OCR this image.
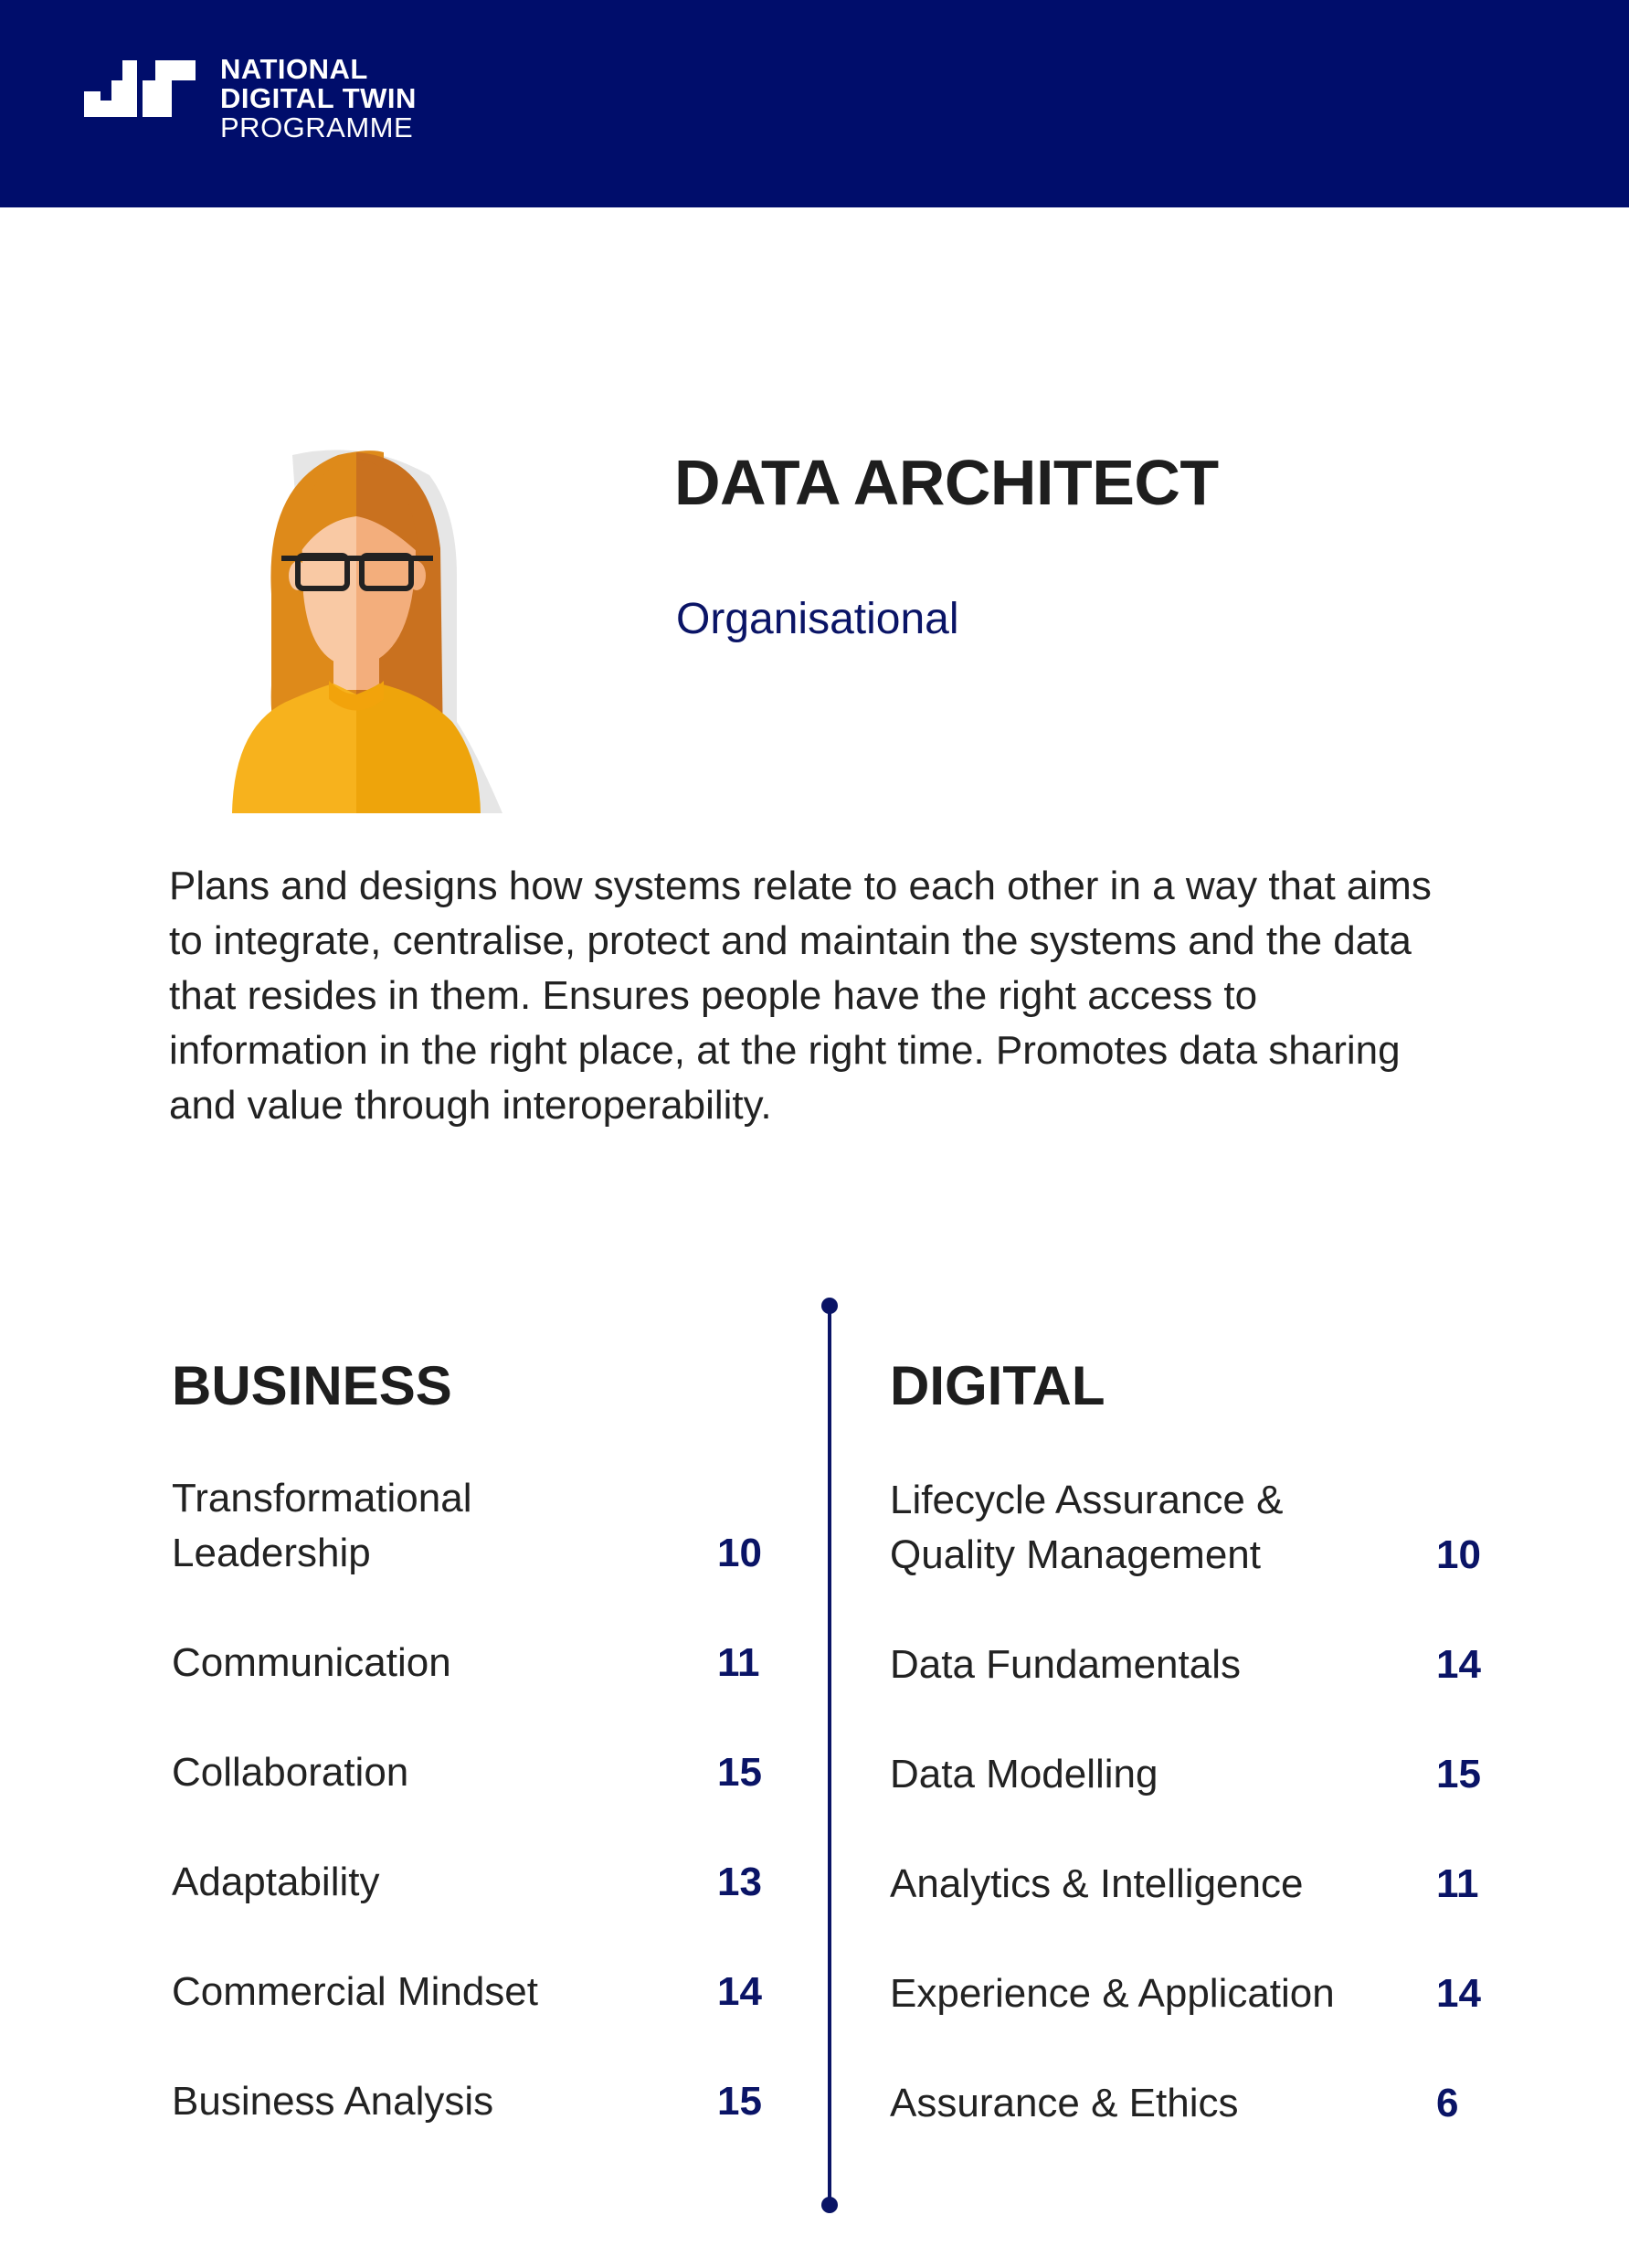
NATIONAL
DIGITAL TWIN
PROGRAMME
DATA ARCHITECT

Organisational

Plans and designs how systems relate to each other in a way that aims to integrate, centralise, protect and maintain the systems and the data that resides in them. Ensures people have the right access to information in the right place, at the right time. Promotes data sharing and value through interoperability.

BUSINESS	DIGITAL
Transformational
Leadership	10
Communication	11
Collaboration	15
Adaptability	13
Commercial Mindset	14
Business Analysis	15
Lifecycle Assurance &
Quality Management	10
Data Fundamentals	14
Data Modelling	15
Analytics & Intelligence	11
Experience & Application	14
Assurance & Ethics	6
